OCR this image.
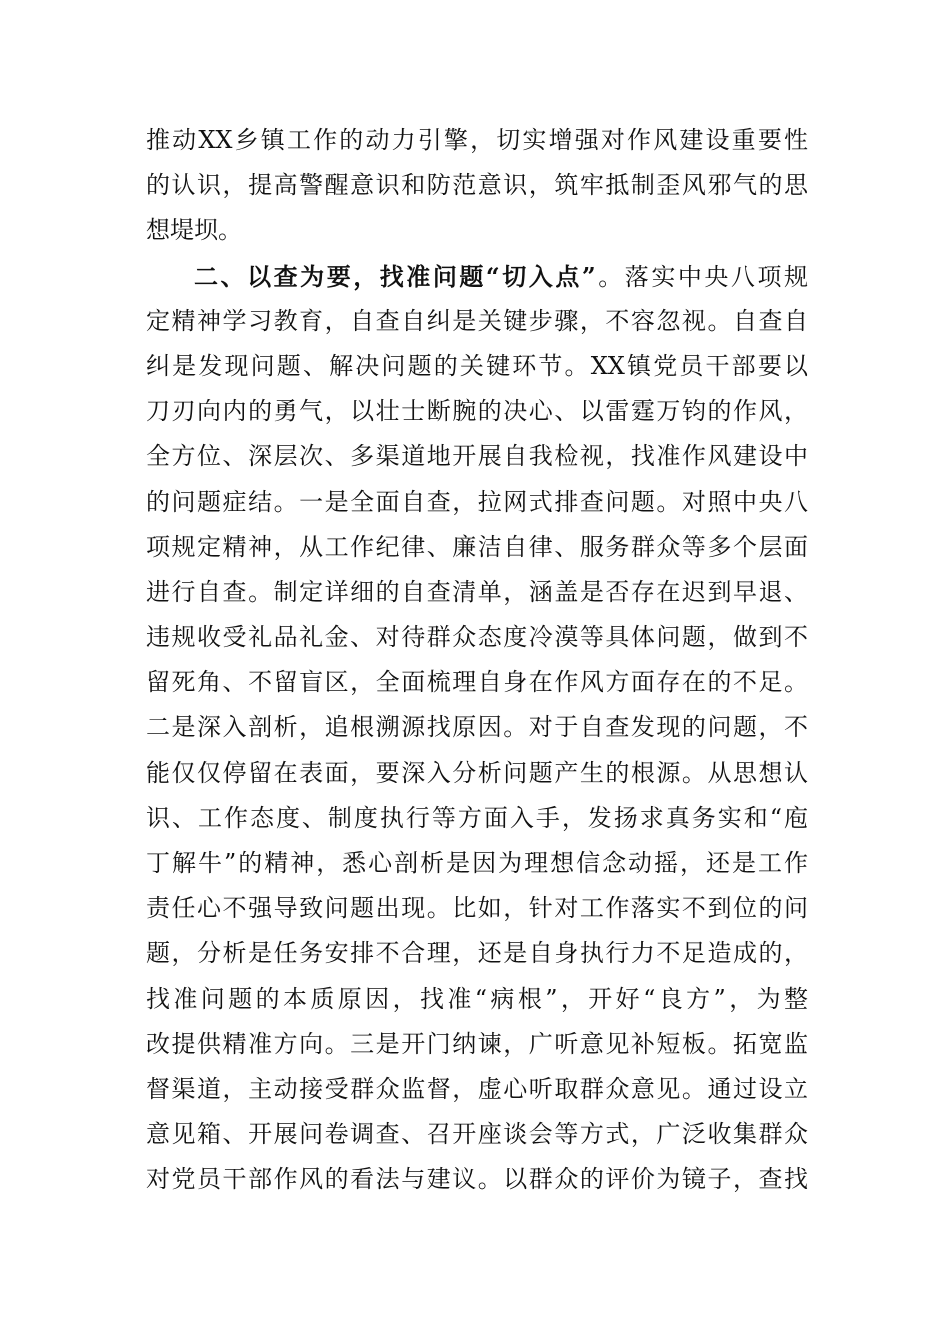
推动XX乡镇工作的动力引擎，切实增强对作风建设重要性
的认识，提高警醒意识和防范意识，筑牢抵制歪风邪气的思
想堤坝。
二、以查为要，找准问题“切入点”。落实中央八项规
定精神学习教育，自查自纠是关键步骤，不容忽视。自查自
纠是发现问题、解决问题的关键环节。XX镇党员干部要以
刀刃向内的勇气，以壮士断腕的决心、以雷霆万钧的作风，
全方位、深层次、多渠道地开展自我检视，找准作风建设中
的问题症结。一是全面自查，拉网式排查问题。对照中央八
项规定精神，从工作纪律、廉洁自律、服务群众等多个层面
进行自查。制定详细的自查清单，涵盖是否存在迟到早退、
违规收受礼品礼金、对待群众态度冷漠等具体问题，做到不
留死角、不留盲区，全面梳理自身在作风方面存在的不足。
二是深入剖析，追根溯源找原因。对于自查发现的问题，不
能仅仅停留在表面，要深入分析问题产生的根源。从思想认
识、工作态度、制度执行等方面入手，发扬求真务实和“庖
丁解牛”的精神，悉心剖析是因为理想信念动摇，还是工作
责任心不强导致问题出现。比如，针对工作落实不到位的问
题，分析是任务安排不合理，还是自身执行力不足造成的，
找准问题的本质原因，找准“病根”，开好“良方”，为整
改提供精准方向。三是开门纳谏，广听意见补短板。拓宽监
督渠道，主动接受群众监督，虚心听取群众意见。通过设立
意见箱、开展问卷调查、召开座谈会等方式，广泛收集群众
对党员干部作风的看法与建议。以群众的评价为镜子，查找
